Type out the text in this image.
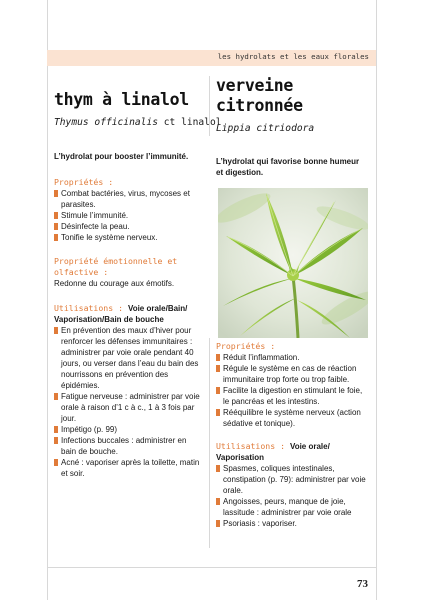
les hydrolats et les eaux florales
thym à linalol
Thymus officinalis ct linalol
L’hydrolat pour booster l’immunité.
Propriétés :
Combat bactéries, virus, mycoses et parasites.
Stimule l’immunité.
Désinfecte la peau.
Tonifie le système nerveux.
Propriété émotionnelle et olfactive :
Redonne du courage aux émotifs.
Utilisations : Voie orale/Bain/ Vaporisation/Bain de bouche
En prévention des maux d’hiver pour renforcer les défenses immunitaires : administrer par voie orale pendant 40 jours, ou verser dans l’eau du bain des nourrissons en prévention des épidémies.
Fatigue nerveuse : administrer par voie orale à raison d’1 c à c., 1 à 3 fois par jour.
Impétigo (p. 99)
Infections buccales : administrer en bain de bouche.
Acné : vaporiser après la toilette, matin et soir.
verveine
citronnée
Lippia citriodora
L’hydrolat qui favorise bonne humeur et digestion.
Propriétés :
Réduit l’inflammation.
Régule le système en cas de réaction immunitaire trop forte ou trop faible.
Facilite la digestion en stimulant le foie, le pancréas et les intestins.
Rééquilibre le système nerveux (action sédative et tonique).
Utilisations : Voie orale/ Vaporisation
Spasmes, coliques intestinales, constipation (p. 79): administrer par voie orale.
Angoisses, peurs, manque de joie, lassitude : administrer par voie orale
Psoriasis : vaporiser.
73
